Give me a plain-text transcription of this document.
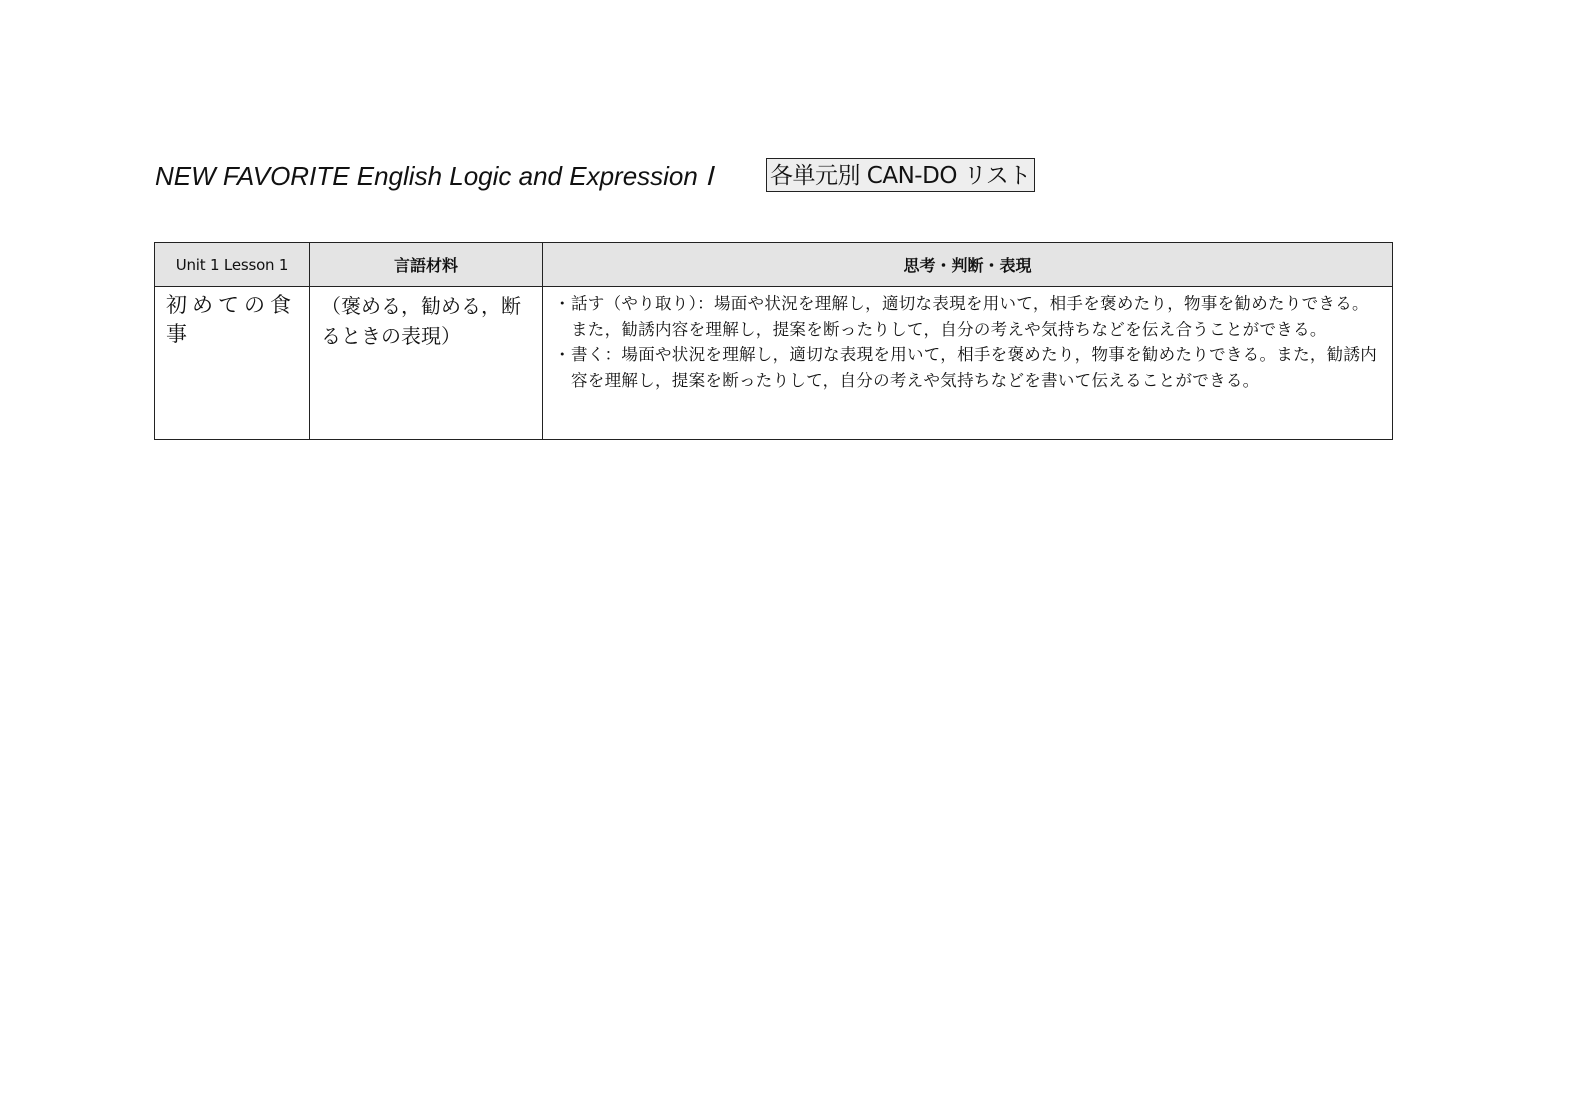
NEW FAVORITE English Logic and Expression Ⅰ 各単元別 CAN-DO リスト
Unit 1 Lesson 1	言語材料	思考・判断・表現
初めての食事	（褒める，勧める，断るときの表現）	・ 話す（やり取り）：場面や状況を理解し，適切な表現を用いて，相手を褒めたり，物事を勧めたりできる。また，勧誘内容を理解し，提案を断ったりして，自分の考えや気持ちなどを伝え合うことができる。
・ 書く：場面や状況を理解し，適切な表現を用いて，相手を褒めたり，物事を勧めたりできる。また，勧誘内容を理解し，提案を断ったりして，自分の考えや気持ちなどを書いて伝えることができる。
